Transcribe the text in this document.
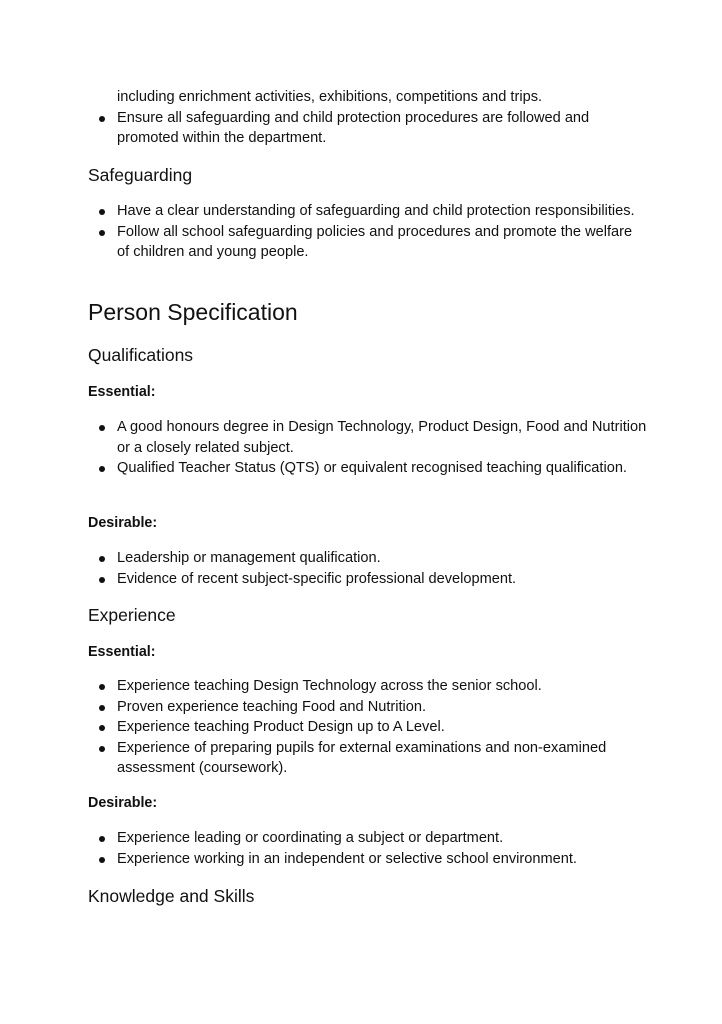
including enrichment activities, exhibitions, competitions and trips.
Ensure all safeguarding and child protection procedures are followed and promoted within the department.
Safeguarding
Have a clear understanding of safeguarding and child protection responsibilities.
Follow all school safeguarding policies and procedures and promote the welfare of children and young people.
Person Specification
Qualifications

Essential:

A good honours degree in Design Technology, Product Design, Food and Nutrition or a closely related subject.
Qualified Teacher Status (QTS) or equivalent recognised teaching qualification.

Desirable:

Leadership or management qualification.
Evidence of recent subject-specific professional development.
Experience

Essential:

Experience teaching Design Technology across the senior school.
Proven experience teaching Food and Nutrition.
Experience teaching Product Design up to A Level.
Experience of preparing pupils for external examinations and non-examined assessment (coursework).

Desirable:

Experience leading or coordinating a subject or department.
Experience working in an independent or selective school environment.
Knowledge and Skills
